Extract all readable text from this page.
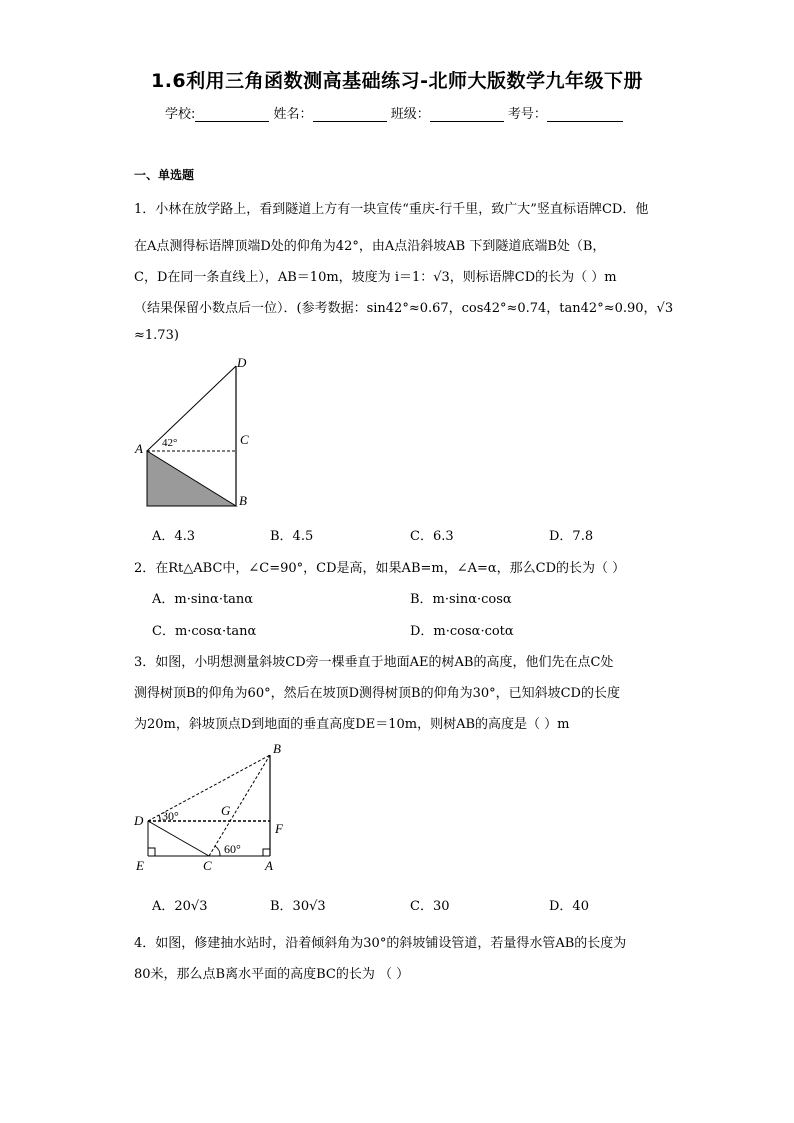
1.6利用三角函数测高基础练习-北师大版数学九年级下册
学校:	姓名：	班级：	考号：
一、单选题
1．小林在放学路上，看到隧道上方有一块宣传“重庆-行千里，致广大”竖直标语牌CD．他
在A点测得标语牌顶端D处的仰角为42°，由A点沿斜坡AB 下到隧道底端B处（B，
C，D在同一条直线上），AB＝10m，坡度为 i＝1：√3，则标语牌CD的长为（ ）m
（结果保留小数点后一位）．(参考数据：sin42°≈0.67，cos42°≈0.74，tan42°≈0.90，√3
≈1.73)
D
C
A
B
42°
A．4.3	B．4.5	C．6.3	D．7.8
2．在Rt△ABC中，∠C=90°，CD是高，如果AB=m，∠A=α，那么CD的长为（ ）
A．m·sinα·tanα	B．m·sinα·cosα
C．m·cosα·tanα	D．m·cosα·cotα
3．如图，小明想测量斜坡CD旁一棵垂直于地面AE的树AB的高度，他们先在点C处
测得树顶B的仰角为60°，然后在坡顶D测得树顶B的仰角为30°，已知斜坡CD的长度
为20m，斜坡顶点D到地面的垂直高度DE＝10m，则树AB的高度是（ ）m
B
D
G
F
E	C	A
30°
60°
A．20√3	B．30√3	C．30	D．40
4．如图，修建抽水站时，沿着倾斜角为30°的斜坡铺设管道，若量得水管AB的长度为
80米，那么点B离水平面的高度BC的长为 （ ）
